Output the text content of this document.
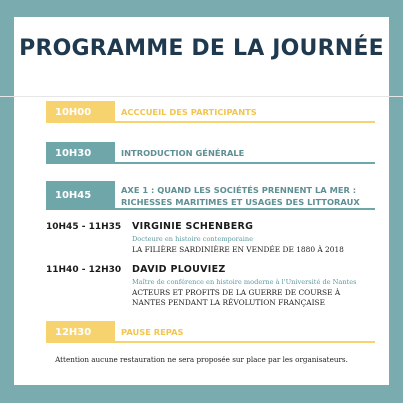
PROGRAMME DE LA JOURNÉE
10H00	ACCCUEIL DES PARTICIPANTS
10H30	INTRODUCTION GÉNÉRALE
10H45	AXE 1 : QUAND LES SOCIÉTÉS PRENNENT LA MER :
RICHESSES MARITIMES ET USAGES DES LITTORAUX
10H45 - 11H35 VIRGINIE SCHENBERG
Docteure en histoire contemporaine
LA FILIÈRE SARDINIÈRE EN VENDÉE DE 1880 À 2018
11H40 - 12H30 DAVID PLOUVIEZ
Maître de conférence en histoire moderne à l'Université de Nantes
ACTEURS ET PROFITS DE LA GUERRE DE COURSE À NANTES PENDANT LA RÉVOLUTION FRANÇAISE
12H30	PAUSE REPAS
Attention aucune restauration ne sera proposée sur place par les organisateurs.
